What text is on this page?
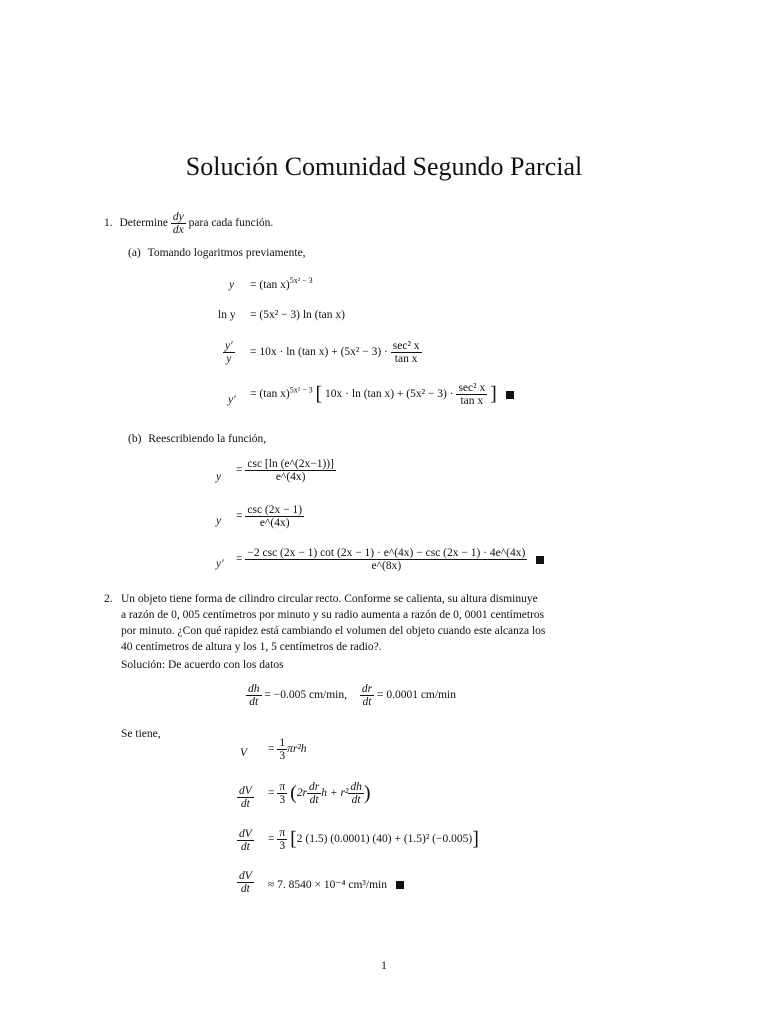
Solución Comunidad Segundo Parcial
1. Determine $\frac{dy}{dx}$ para cada función.
(a) Tomando logaritmos previamente,
y = (tan x)$^{5x^2 - 3}$
ln y = (5x² − 3) ln (tan x)
$\frac{y'}{y} = 10x \cdot \ln (\tan$ $x) + (5x^2 - 3) \cdot \frac{\text{sec² x}}{\text{tan x}}$
y′ = (tan x)$^{5x^2 - 3}$ [ 10x · ln (tan $x) + (5x^2 - 3) \cdot \frac{\text{sec² x}}{\text{tan x}}$ ]
(b) Reescribiendo la función,
y
= $\frac{\csc [\ln (e\^{}(2x-1))]}{e\^{}(4x)}$
$y = \frac{\csc (2x - 1)}{e\^{}(4x)}$
y′ =
−2 csc (2x − 1) cot (2x − 1) · e^(4x) − csc (2x − 1) · 4e^(4x)
e^(8x)

2. Un objeto tiene forma de cilindro circular recto. Conforme se calienta, su altura disminuye
a razón de 0, 005 centímetros por minuto y su radio aumenta a razón de 0, 0001 centímetros
por minuto. ¿Con qué rapidez está cambiando el volumen del objeto cuando este alcanza los
40 centímetros de altura y los 1, 5 centímetros de radio?.
Solución: De acuerdo con los datos
$\frac{dh}{dt} = -0.005$ cm/min, $\frac{dr}{dt} = 0.0001$ cm/min
Se tiene,
$V = \frac{1}{3} \pi r^2h$
$\frac{dV}{dt} = \frac{\pi}{3} (2r \frac{dr}{dt}$ $h + r^2 \frac{dh}{dt}$ )
$\frac{dV}{dt} = \frac{\pi}{3} [2$ (1.5) (0.0001) (40) + (1.5)² (−0.005)]
$\frac{dV}{dt} \approx 7$. 8540 × 10⁻⁴ cm³/min
1
